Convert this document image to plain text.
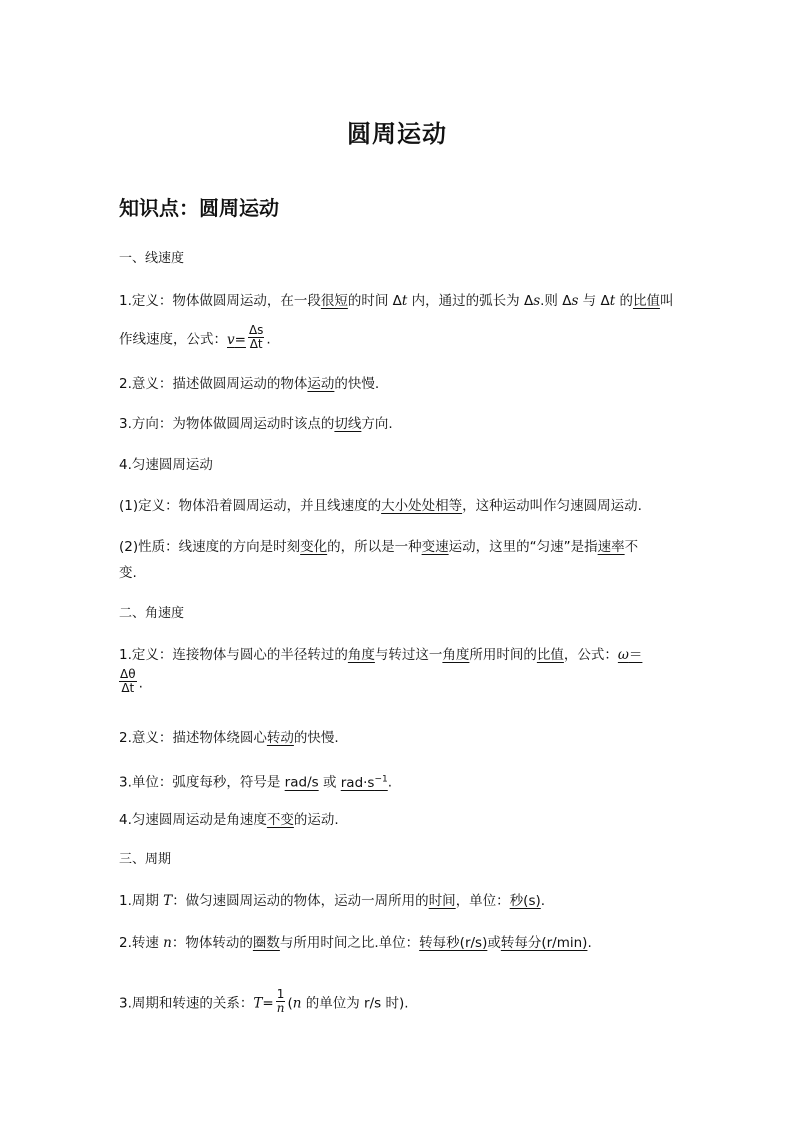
圆周运动
知识点：圆周运动
一、线速度
1.定义：物体做圆周运动，在一段很短的时间 Δt 内，通过的弧长为 Δs.则 Δs 与 Δt 的比值叫
作线速度，公式：$v= \frac{\Delta s}{\Delta t}$ .
2.意义：描述做圆周运动的物体运动的快慢.
3.方向：为物体做圆周运动时该点的切线方向.
4.匀速圆周运动
(1)定义：物体沿着圆周运动，并且线速度的大小处处相等，这种运动叫作匀速圆周运动.
(2)性质：线速度的方向是时刻变化的，所以是一种变速运动，这里的“匀速”是指速率不
变.
二、角速度
1.定义：连接物体与圆心的半径转过的角度与转过这一角度所用时间的比值，公式：ω＝
$\frac{\Delta\theta}{\Delta t}$ .
2.意义：描述物体绕圆心转动的快慢.
3.单位：弧度每秒，符号是 rad/s 或 $rad\cdot s^{-1}$.
4.匀速圆周运动是角速度不变的运动.
三、周期
1.周期 T：做匀速圆周运动的物体，运动一周所用的时间，单位：秒(s).
2.转速 n：物体转动的圈数与所用时间之比.单位：转每秒(r/s)或转每分(r/min).
3.周期和转速的关系：$T= \frac{1}{n} (n$ 的单位为 r/s 时).
